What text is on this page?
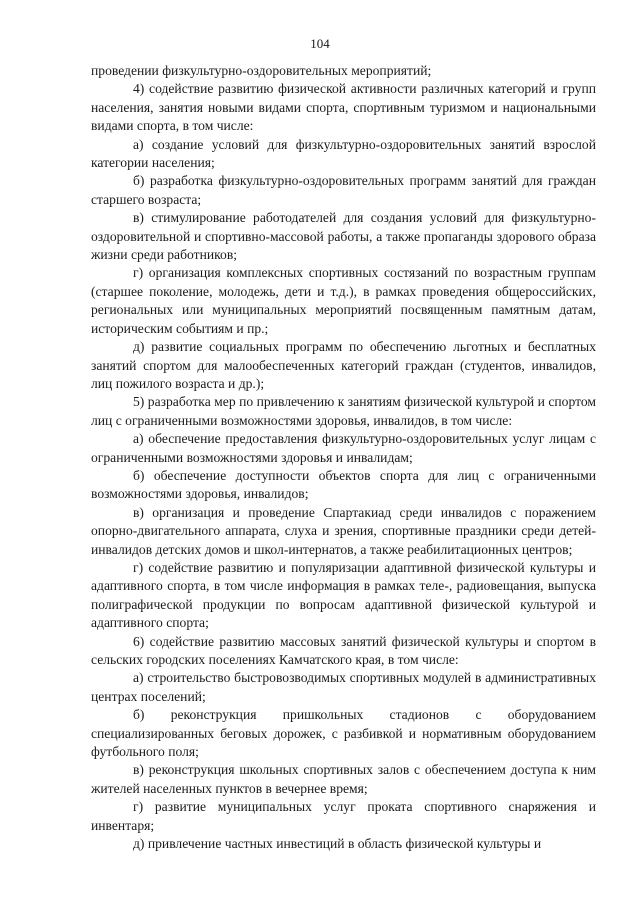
104

проведении физкультурно-оздоровительных мероприятий;

4) содействие развитию физической активности различных категорий и групп населения, занятия новыми видами спорта, спортивным туризмом и национальными видами спорта, в том числе:

а) создание условий для физкультурно-оздоровительных занятий взрослой категории населения;

б) разработка физкультурно-оздоровительных программ занятий для граждан старшего возраста;

в) стимулирование работодателей для создания условий для физкультурно-оздоровительной и спортивно-массовой работы, а также пропаганды здорового образа жизни среди работников;

г) организация комплексных спортивных состязаний по возрастным группам (старшее поколение, молодежь, дети и т.д.), в рамках проведения общероссийских, региональных или муниципальных мероприятий посвященным памятным датам, историческим событиям и пр.;

д) развитие социальных программ по обеспечению льготных и бесплатных занятий спортом для малообеспеченных категорий граждан (студентов, инвалидов, лиц пожилого возраста и др.);

5) разработка мер по привлечению к занятиям физической культурой и спортом лиц с ограниченными возможностями здоровья, инвалидов, в том числе:

а) обеспечение предоставления физкультурно-оздоровительных услуг лицам с ограниченными возможностями здоровья и инвалидам;

б) обеспечение доступности объектов спорта для лиц с ограниченными возможностями здоровья, инвалидов;

в) организация и проведение Спартакиад среди инвалидов с поражением опорно-двигательного аппарата, слуха и зрения, спортивные праздники среди детей-инвалидов детских домов и школ-интернатов, а также реабилитационных центров;

г) содействие развитию и популяризации адаптивной физической культуры и адаптивного спорта, в том числе информация в рамках теле-, радиовещания, выпуска полиграфической продукции по вопросам адаптивной физической культурой и адаптивного спорта;

6) содействие развитию массовых занятий физической культуры и спортом в сельских городских поселениях Камчатского края, в том числе:

а) строительство быстровозводимых спортивных модулей в административных центрах поселений;

б) реконструкция пришкольных стадионов с оборудованием специализированных беговых дорожек, с разбивкой и нормативным оборудованием футбольного поля;

в) реконструкция школьных спортивных залов с обеспечением доступа к ним жителей населенных пунктов в вечернее время;

г) развитие муниципальных услуг проката спортивного снаряжения и инвентаря;

д) привлечение частных инвестиций в область физической культуры и
